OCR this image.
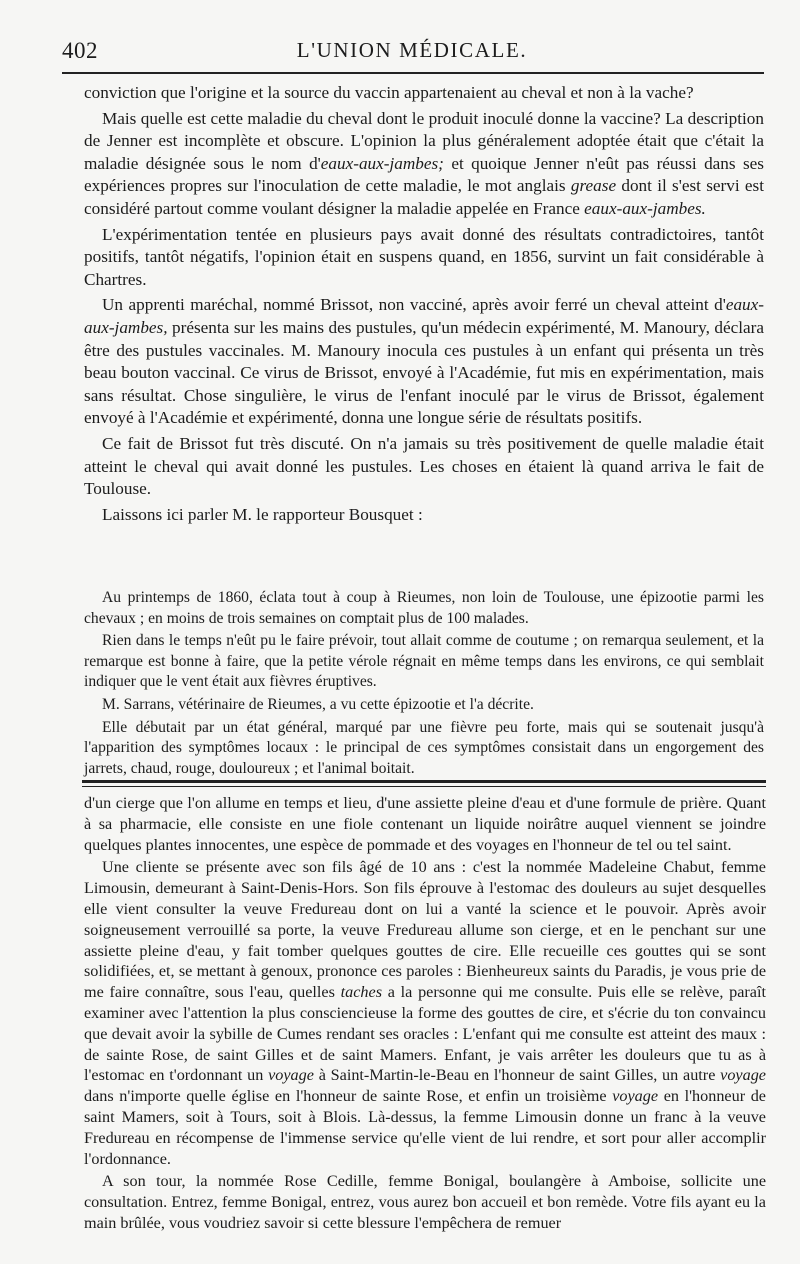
402	L'UNION MÉDICALE.

conviction que l'origine et la source du vaccin appartenaient au cheval et non à la vache?

Mais quelle est cette maladie du cheval dont le produit inoculé donne la vaccine? La description de Jenner est incomplète et obscure. L'opinion la plus généralement adoptée était que c'était la maladie désignée sous le nom d'eaux-aux-jambes; et quoique Jenner n'eût pas réussi dans ses expériences propres sur l'inoculation de cette maladie, le mot anglais grease dont il s'est servi est considéré partout comme voulant désigner la maladie appelée en France eaux-aux-jambes.

L'expérimentation tentée en plusieurs pays avait donné des résultats contradictoires, tantôt positifs, tantôt négatifs, l'opinion était en suspens quand, en 1856, survint un fait considérable à Chartres.

Un apprenti maréchal, nommé Brissot, non vacciné, après avoir ferré un cheval atteint d'eaux-aux-jambes, présenta sur les mains des pustules, qu'un médecin expérimenté, M. Manoury, déclara être des pustules vaccinales. M. Manoury inocula ces pustules à un enfant qui présenta un très beau bouton vaccinal. Ce virus de Brissot, envoyé à l'Académie, fut mis en expérimentation, mais sans résultat. Chose singulière, le virus de l'enfant inoculé par le virus de Brissot, également envoyé à l'Académie et expérimenté, donna une longue série de résultats positifs.

Ce fait de Brissot fut très discuté. On n'a jamais su très positivement de quelle maladie était atteint le cheval qui avait donné les pustules. Les choses en étaient là quand arriva le fait de Toulouse.

Laissons ici parler M. le rapporteur Bousquet :

Au printemps de 1860, éclata tout à coup à Rieumes, non loin de Toulouse, une épizootie parmi les chevaux ; en moins de trois semaines on comptait plus de 100 malades.

Rien dans le temps n'eût pu le faire prévoir, tout allait comme de coutume ; on remarqua seulement, et la remarque est bonne à faire, que la petite vérole régnait en même temps dans les environs, ce qui semblait indiquer que le vent était aux fièvres éruptives.

M. Sarrans, vétérinaire de Rieumes, a vu cette épizootie et l'a décrite.

Elle débutait par un état général, marqué par une fièvre peu forte, mais qui se soutenait jusqu'à l'apparition des symptômes locaux : le principal de ces symptômes consistait dans un engorgement des jarrets, chaud, rouge, douloureux ; et l'animal boitait.

d'un cierge que l'on allume en temps et lieu, d'une assiette pleine d'eau et d'une formule de prière. Quant à sa pharmacie, elle consiste en une fiole contenant un liquide noirâtre auquel viennent se joindre quelques plantes innocentes, une espèce de pommade et des voyages en l'honneur de tel ou tel saint.

Une cliente se présente avec son fils âgé de 10 ans : c'est la nommée Madeleine Chabut, femme Limousin, demeurant à Saint-Denis-Hors. Son fils éprouve à l'estomac des douleurs au sujet desquelles elle vient consulter la veuve Fredureau dont on lui a vanté la science et le pouvoir. Après avoir soigneusement verrouillé sa porte, la veuve Fredureau allume son cierge, et en le penchant sur une assiette pleine d'eau, y fait tomber quelques gouttes de cire. Elle recueille ces gouttes qui se sont solidifiées, et, se mettant à genoux, prononce ces paroles : Bienheureux saints du Paradis, je vous prie de me faire connaître, sous l'eau, quelles taches a la personne qui me consulte. Puis elle se relève, paraît examiner avec l'attention la plus consciencieuse la forme des gouttes de cire, et s'écrie du ton convaincu que devait avoir la sybille de Cumes rendant ses oracles : L'enfant qui me consulte est atteint des maux : de sainte Rose, de saint Gilles et de saint Mamers. Enfant, je vais arrêter les douleurs que tu as à l'estomac en t'ordonnant un voyage à Saint-Martin-le-Beau en l'honneur de saint Gilles, un autre voyage dans n'importe quelle église en l'honneur de sainte Rose, et enfin un troisième voyage en l'honneur de saint Mamers, soit à Tours, soit à Blois. Là-dessus, la femme Limousin donne un franc à la veuve Fredureau en récompense de l'immense service qu'elle vient de lui rendre, et sort pour aller accomplir l'ordonnance.

A son tour, la nommée Rose Cedille, femme Bonigal, boulangère à Amboise, sollicite une consultation. Entrez, femme Bonigal, entrez, vous aurez bon accueil et bon remède. Votre fils ayant eu la main brûlée, vous voudriez savoir si cette blessure l'empêchera de remuer
